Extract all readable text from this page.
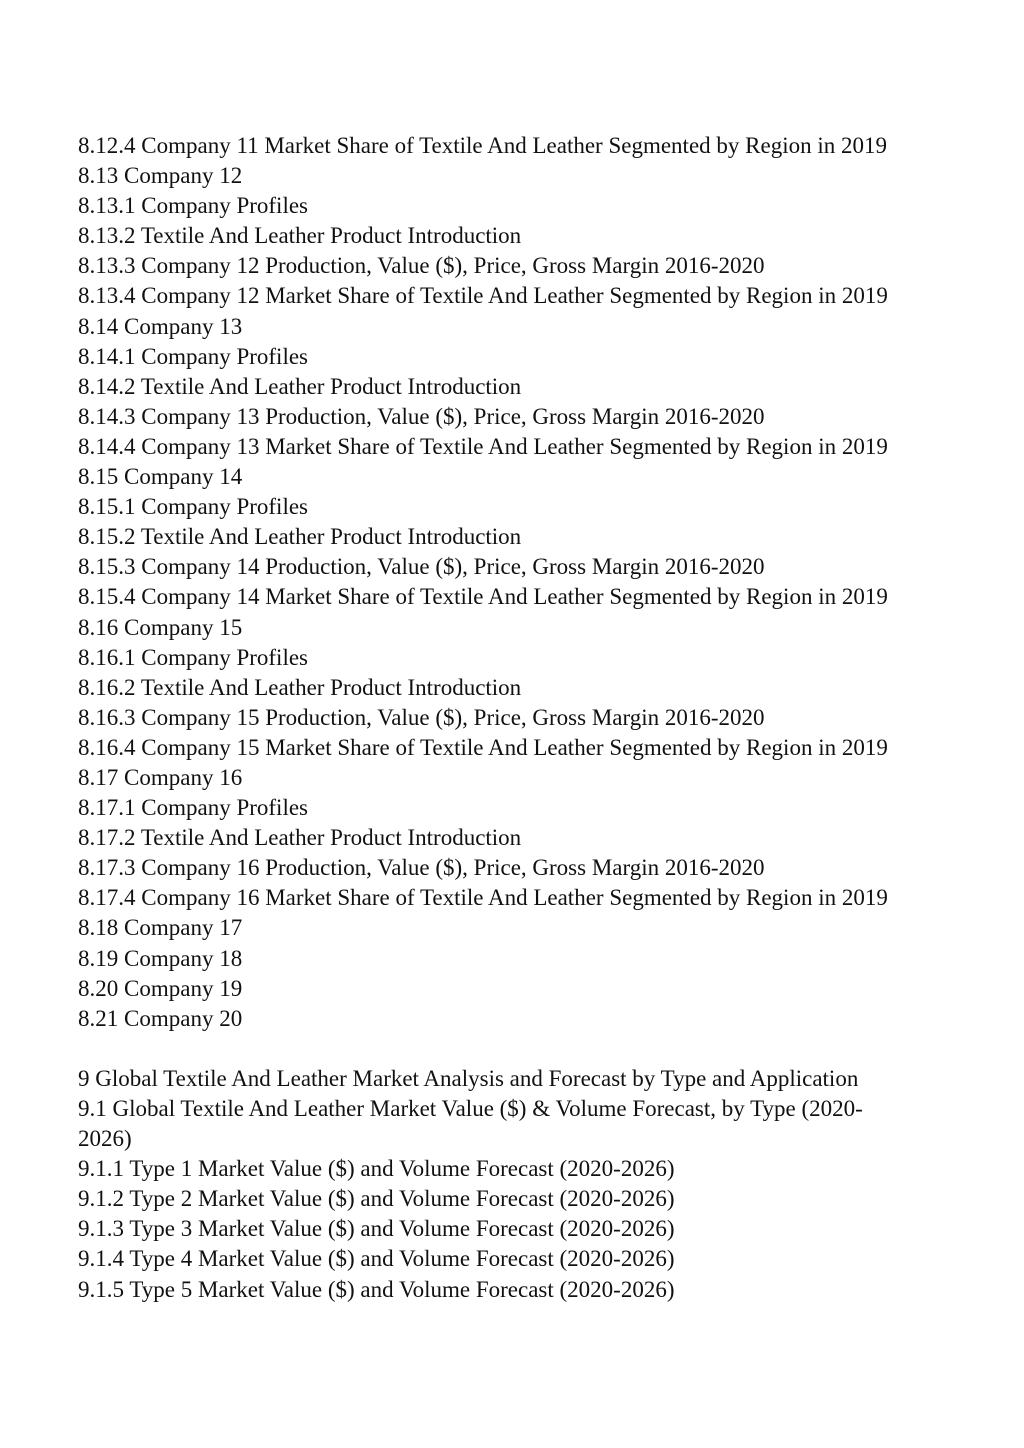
8.12.4 Company 11 Market Share of Textile And Leather Segmented by Region in 2019
8.13 Company 12
8.13.1 Company Profiles
8.13.2 Textile And Leather Product Introduction
8.13.3 Company 12 Production, Value ($), Price, Gross Margin 2016-2020
8.13.4 Company 12 Market Share of Textile And Leather Segmented by Region in 2019
8.14 Company 13
8.14.1 Company Profiles
8.14.2 Textile And Leather Product Introduction
8.14.3 Company 13 Production, Value ($), Price, Gross Margin 2016-2020
8.14.4 Company 13 Market Share of Textile And Leather Segmented by Region in 2019
8.15 Company 14
8.15.1 Company Profiles
8.15.2 Textile And Leather Product Introduction
8.15.3 Company 14 Production, Value ($), Price, Gross Margin 2016-2020
8.15.4 Company 14 Market Share of Textile And Leather Segmented by Region in 2019
8.16 Company 15
8.16.1 Company Profiles
8.16.2 Textile And Leather Product Introduction
8.16.3 Company 15 Production, Value ($), Price, Gross Margin 2016-2020
8.16.4 Company 15 Market Share of Textile And Leather Segmented by Region in 2019
8.17 Company 16
8.17.1 Company Profiles
8.17.2 Textile And Leather Product Introduction
8.17.3 Company 16 Production, Value ($), Price, Gross Margin 2016-2020
8.17.4 Company 16 Market Share of Textile And Leather Segmented by Region in 2019
8.18 Company 17
8.19 Company 18
8.20 Company 19
8.21 Company 20
9 Global Textile And Leather Market Analysis and Forecast by Type and Application
9.1 Global Textile And Leather Market Value ($) & Volume Forecast, by Type (2020-2026)
9.1.1 Type 1 Market Value ($) and Volume Forecast (2020-2026)
9.1.2 Type 2 Market Value ($) and Volume Forecast (2020-2026)
9.1.3 Type 3 Market Value ($) and Volume Forecast (2020-2026)
9.1.4 Type 4 Market Value ($) and Volume Forecast (2020-2026)
9.1.5 Type 5 Market Value ($) and Volume Forecast (2020-2026)
